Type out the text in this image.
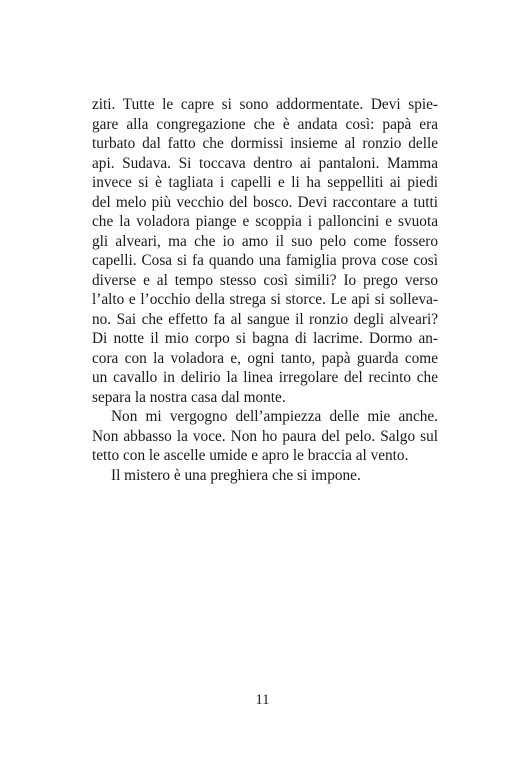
ziti. Tutte le capre si sono addormentate. Devi spie-
gare alla congregazione che è andata così: papà era
turbato dal fatto che dormissi insieme al ronzio delle
api. Sudava. Si toccava dentro ai pantaloni. Mamma
invece si è tagliata i capelli e li ha seppelliti ai piedi
del melo più vecchio del bosco. Devi raccontare a tutti
che la voladora piange e scoppia i palloncini e svuota
gli alveari, ma che io amo il suo pelo come fossero
capelli. Cosa si fa quando una famiglia prova cose così
diverse e al tempo stesso così simili? Io prego verso
l’alto e l’occhio della strega si storce. Le api si solleva-
no. Sai che effetto fa al sangue il ronzio degli alveari?
Di notte il mio corpo si bagna di lacrime. Dormo an-
cora con la voladora e, ogni tanto, papà guarda come
un cavallo in delirio la linea irregolare del recinto che
separa la nostra casa dal monte.
Non mi vergogno dell’ampiezza delle mie anche.
Non abbasso la voce. Non ho paura del pelo. Salgo sul
tetto con le ascelle umide e apro le braccia al vento.
Il mistero è una preghiera che si impone.
11
